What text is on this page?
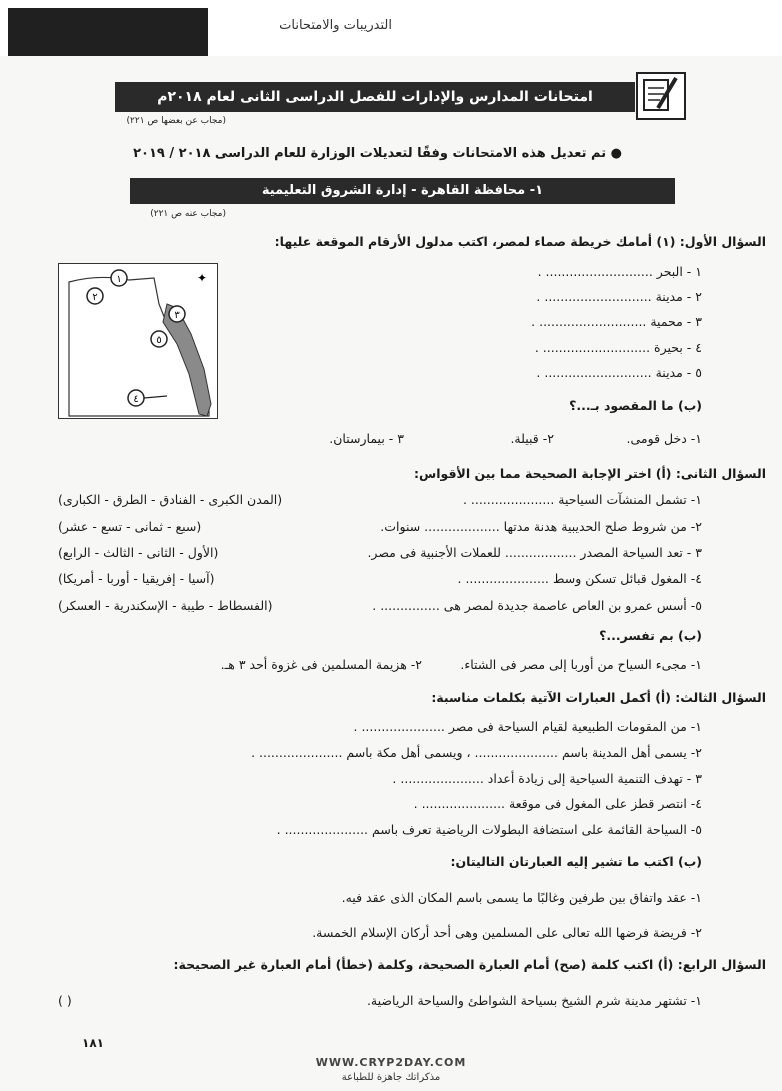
التدريبات والامتحانات
امتحانات المدارس والإدارات للفصل الدراسى الثانى لعام ٢٠١٨م
(مجاب عن بعضها ص ٢٢١)
● تم تعديل هذه الامتحانات وفقًا لتعديلات الوزارة للعام الدراسى ٢٠١٨ / ٢٠١٩
١- محافظة القاهرة - إدارة الشروق التعليمية
(مجاب عنه ص ٢٢١)
السؤال الأول: (١) أمامك خريطة صماء لمصر، اكتب مدلول الأرقام الموقعة عليها:
✦
١
٢
٣
٥
٤
١ - البحر ........................... .
٢ - مدينة ........................... .
٣ - محمية ........................... .
٤ - بحيرة ........................... .
٥ - مدينة ........................... .
(ب) ما المقصود بـ...؟
١- دخل قومى.
٢- قبيلة.
٣ - بيمارستان.
السؤال الثانى: (أ) اختر الإجابة الصحيحة مما بين الأقواس:
١- تشمل المنشآت السياحية ..................... .
(المدن الكبرى - الفنادق - الطرق - الكبارى)
٢- من شروط صلح الحديبية هدنة مدتها ................... سنوات.
(سبع - ثمانى - تسع - عشر)
٣ - تعد السياحة المصدر .................. للعملات الأجنبية فى مصر.
(الأول - الثانى - الثالث - الرابع)
٤- المغول قبائل تسكن وسط ..................... .
(آسيا - إفريقيا - أوربا - أمريكا)
٥- أسس عمرو بن العاص عاصمة جديدة لمصر هى ............... .
(الفسطاط - طيبة - الإسكندرية - العسكر)
(ب) بم تفسر...؟
١- مجىء السياح من أوربا إلى مصر فى الشتاء.
٢- هزيمة المسلمين فى غزوة أحد ٣ هـ.
السؤال الثالث: (أ) أكمل العبارات الآتية بكلمات مناسبة:
١- من المقومات الطبيعية لقيام السياحة فى مصر ..................... .
٢- يسمى أهل المدينة باسم ..................... ، ويسمى أهل مكة باسم ..................... .
٣ - تهدف التنمية السياحية إلى زيادة أعداد ..................... .
٤- انتصر قطز على المغول فى موقعة ..................... .
٥- السياحة القائمة على استضافة البطولات الرياضية تعرف باسم ..................... .
(ب) اكتب ما تشير إليه العبارتان التاليتان:
١- عقد واتفاق بين طرفين وغالبًا ما يسمى باسم المكان الذى عقد فيه.
٢- فريضة فرضها الله تعالى على المسلمين وهى أحد أركان الإسلام الخمسة.
السؤال الرابع: (أ) اكتب كلمة (صح) أمام العبارة الصحيحة، وكلمة (خطأ) أمام العبارة غير الصحيحة:
١- تشتهر مدينة شرم الشيخ بسياحة الشواطئ والسياحة الرياضية.
( )
١٨١
WWW.CRYP2DAY.COM
مذكراتك جاهزة للطباعة
